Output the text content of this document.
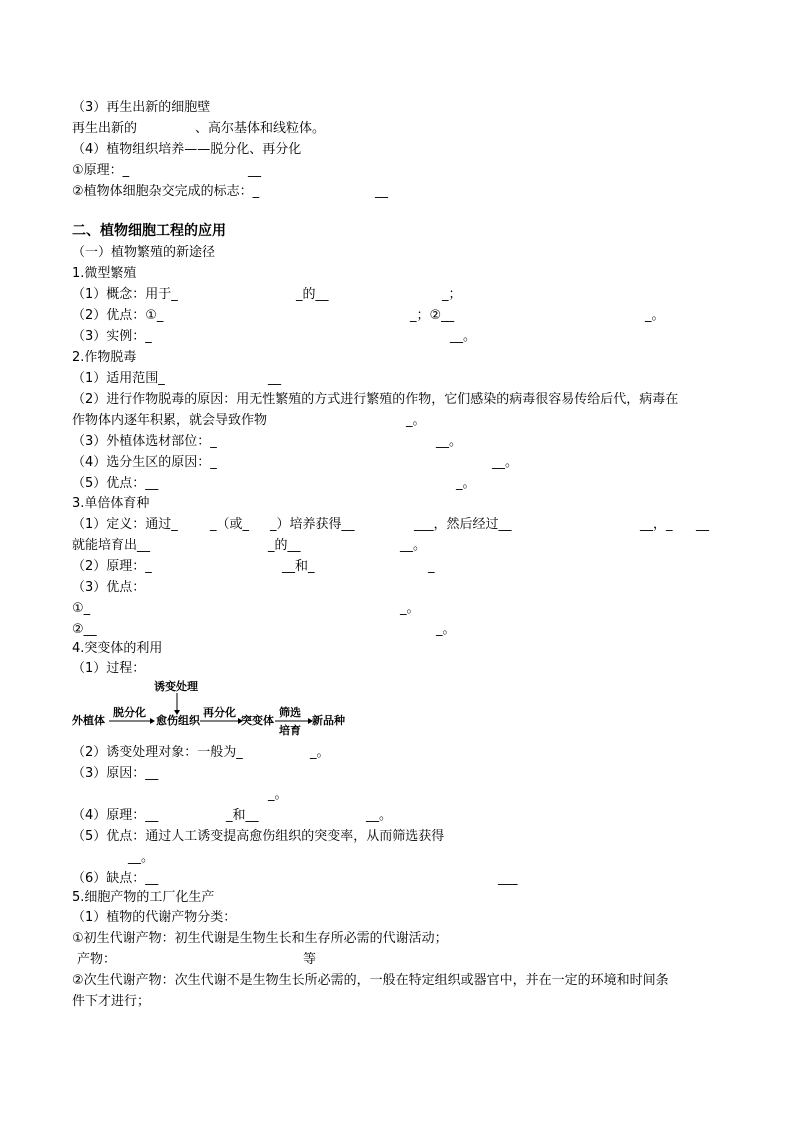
（3）再生出新的细胞壁
再生出新的	、高尔基体和线粒体。
（4）植物组织培养——脱分化、再分化
①原理：_	__
②植物体细胞杂交完成的标志：_	__
二、植物细胞工程的应用
（一）植物繁殖的新途径
1.微型繁殖
（1）概念：用于_	_的__	_；
（2）优点：①_	_；②__	_。
（3）实例：_	__。
2.作物脱毒
（1）适用范围_	__
（2）进行作物脱毒的原因：用无性繁殖的方式进行繁殖的作物，它们感染的病毒很容易传给后代，病毒在
作物体内逐年积累，就会导致作物	_。
（3）外植体选材部位：_	__。
（4）选分生区的原因：_	__。
（5）优点：__	_。
3.单倍体育种
（1）定义：通过_ _（或_ _）培养获得__	___，然后经过__	__，_ __
就能培育出__	_的__	__。
（2）原理：_	__和_	_
（3）优点：
①_	_。
②__	_。
4.突变体的利用
（1）过程：
诱变处理
外植体
脱分化
愈伤组织
再分化
突变体
筛选
培育
新品种
（2）诱变处理对象：一般为_	_。
（3）原因：__
_。
（4）原理：__	_和__	__。
（5）优点：通过人工诱变提高愈伤组织的突变率，从而筛选获得
__。
（6）缺点：__	___
5.细胞产物的工厂化生产
（1）植物的代谢产物分类：
①初生代谢产物：初生代谢是生物生长和生存所必需的代谢活动；
产物：	等
②次生代谢产物：次生代谢不是生物生长所必需的，一般在特定组织或器官中，并在一定的环境和时间条
件下才进行；
